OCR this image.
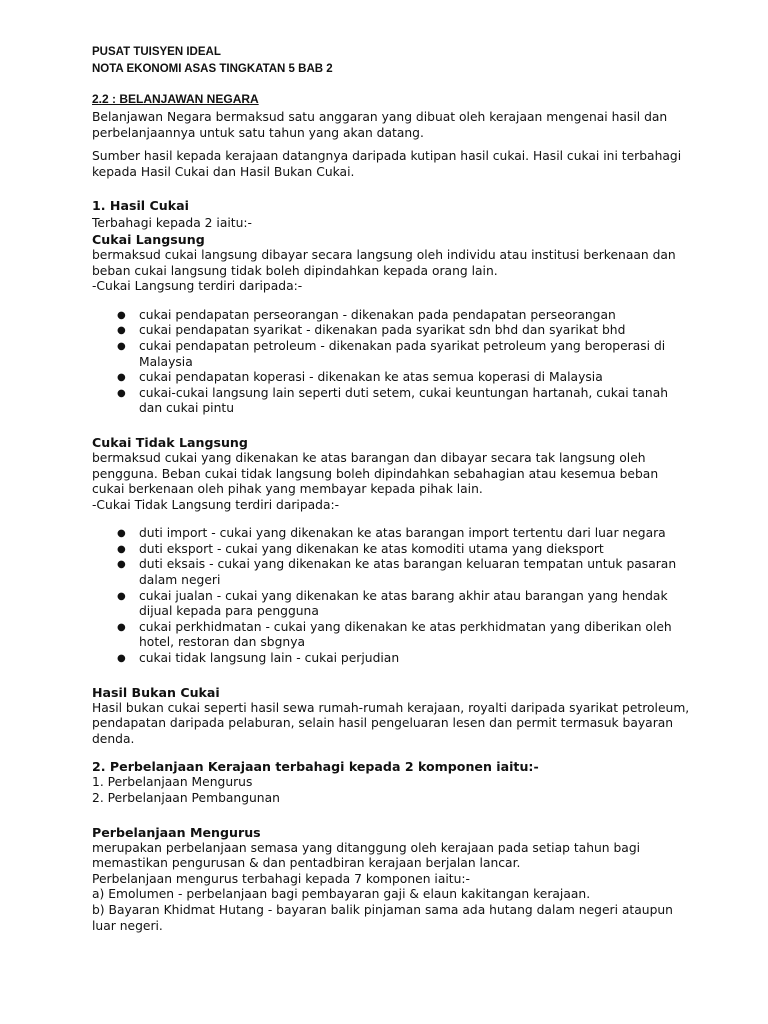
PUSAT TUISYEN IDEAL
NOTA EKONOMI ASAS TINGKATAN 5 BAB 2
2.2 : BELANJAWAN NEGARA

Belanjawan Negara bermaksud satu anggaran yang dibuat oleh kerajaan mengenai hasil dan perbelanjaannya untuk satu tahun yang akan datang.

Sumber hasil kepada kerajaan datangnya daripada kutipan hasil cukai. Hasil cukai ini terbahagi kepada Hasil Cukai dan Hasil Bukan Cukai.

1. Hasil Cukai

Terbahagi kepada 2 iaitu:-

Cukai Langsung

bermaksud cukai langsung dibayar secara langsung oleh individu atau institusi berkenaan dan beban cukai langsung tidak boleh dipindahkan kepada orang lain.

-Cukai Langsung terdiri daripada:-

● cukai pendapatan perseorangan - dikenakan pada pendapatan perseorangan
● cukai pendapatan syarikat - dikenakan pada syarikat sdn bhd dan syarikat bhd
● cukai pendapatan petroleum - dikenakan pada syarikat petroleum yang beroperasi di Malaysia
● cukai pendapatan koperasi - dikenakan ke atas semua koperasi di Malaysia
● cukai-cukai langsung lain seperti duti setem, cukai keuntungan hartanah, cukai tanah dan cukai pintu
Cukai Tidak Langsung

bermaksud cukai yang dikenakan ke atas barangan dan dibayar secara tak langsung oleh pengguna. Beban cukai tidak langsung boleh dipindahkan sebahagian atau kesemua beban cukai berkenaan oleh pihak yang membayar kepada pihak lain.

-Cukai Tidak Langsung terdiri daripada:-

● duti import - cukai yang dikenakan ke atas barangan import tertentu dari luar negara
● duti eksport - cukai yang dikenakan ke atas komoditi utama yang dieksport
● duti eksais - cukai yang dikenakan ke atas barangan keluaran tempatan untuk pasaran dalam negeri
● cukai jualan - cukai yang dikenakan ke atas barang akhir atau barangan yang hendak dijual kepada para pengguna
● cukai perkhidmatan - cukai yang dikenakan ke atas perkhidmatan yang diberikan oleh hotel, restoran dan sbgnya
● cukai tidak langsung lain - cukai perjudian
Hasil Bukan Cukai

Hasil bukan cukai seperti hasil sewa rumah-rumah kerajaan, royalti daripada syarikat petroleum, pendapatan daripada pelaburan, selain hasil pengeluaran lesen dan permit termasuk bayaran denda.

2. Perbelanjaan Kerajaan terbahagi kepada 2 komponen iaitu:-

1. Perbelanjaan Mengurus

2. Perbelanjaan Pembangunan

Perbelanjaan Mengurus

merupakan perbelanjaan semasa yang ditanggung oleh kerajaan pada setiap tahun bagi memastikan pengurusan & dan pentadbiran kerajaan berjalan lancar.

Perbelanjaan mengurus terbahagi kepada 7 komponen iaitu:-

a) Emolumen - perbelanjaan bagi pembayaran gaji & elaun kakitangan kerajaan.

b) Bayaran Khidmat Hutang - bayaran balik pinjaman sama ada hutang dalam negeri ataupun luar negeri.
